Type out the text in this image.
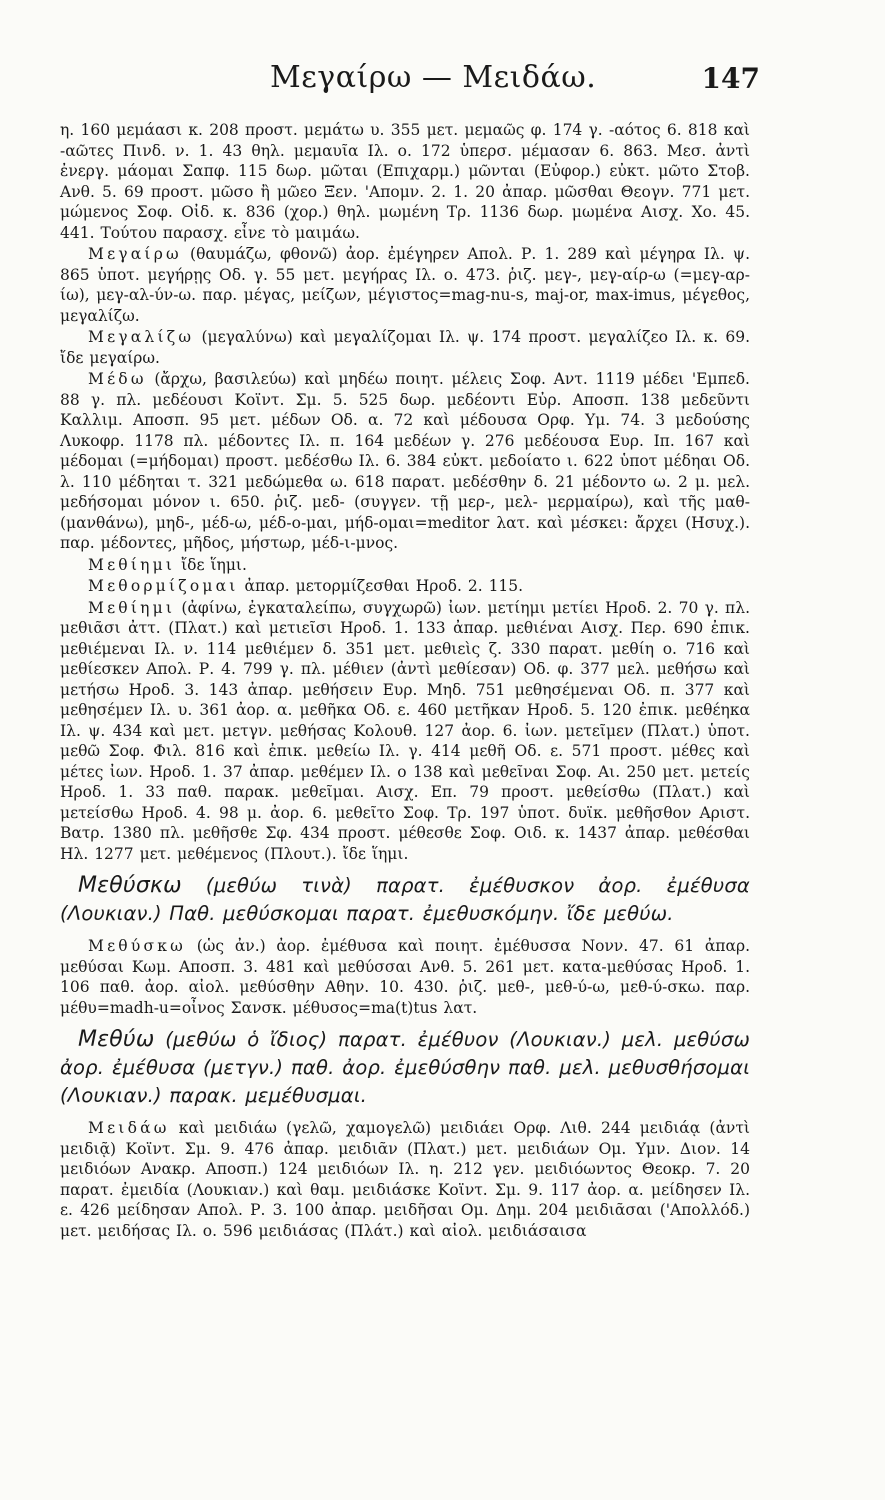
Μεγαίρω — Μειδάω.	147

η. 160 μεμάασι κ. 208 προστ. μεμάτω υ. 355 μετ. μεμαῶς φ. 174 γ. -αότος 6. 818 καὶ -αῶτες Πινδ. ν. 1. 43 θηλ. μεμαυῖα Ιλ. ο. 172 ὑπερσ. μέμασαν 6. 863. Μεσ. ἀντὶ ἐνεργ. μάομαι Σαπφ. 115 δωρ. μῶται (Επιχαρμ.) μῶνται (Εὐφορ.) εὐκτ. μῶτο Στοβ. Ανθ. 5. 69 προστ. μῶσο ἢ μῶεο Ξεν. 'Απομν. 2. 1. 20 ἀπαρ. μῶσθαι Θεογν. 771 μετ. μώμενος Σοφ. Οἰδ. κ. 836 (χορ.) θηλ. μωμένη Τρ. 1136 δωρ. μωμένα Αισχ. Χο. 45. 441. Τούτου παρασχ. εἶνε τὸ μαιμάω.

Μεγαίρω (θαυμάζω, φθονῶ) ἀορ. ἐμέγηρεν Απολ. Ρ. 1. 289 καὶ μέγηρα Ιλ. ψ. 865 ὑποτ. μεγήρῃς Οδ. γ. 55 μετ. μεγήρας Ιλ. ο. 473. ῥιζ. μεγ-, μεγ-αίρ-ω (=μεγ-αρ-ίω), μεγ-αλ-ύν-ω. παρ. μέγας, μείζων, μέγιστος=mag-nu-s, maj-or, max-imus, μέγεθος, μεγαλίζω.

Μεγαλίζω (μεγαλύνω) καὶ μεγαλίζομαι Ιλ. ψ. 174 προστ. μεγαλίζεο Ιλ. κ. 69. ἴδε μεγαίρω.

Μέδω (ἄρχω, βασιλεύω) καὶ μηδέω ποιητ. μέλεις Σοφ. Αντ. 1119 μέδει 'Εμπεδ. 88 γ. πλ. μεδέουσι Κοϊντ. Σμ. 5. 525 δωρ. μεδέοντι Εὐρ. Αποσπ. 138 μεδεῦντι Καλλιμ. Αποσπ. 95 μετ. μέδων Οδ. α. 72 καὶ μέδουσα Ορφ. Υμ. 74. 3 μεδούσης Λυκοφρ. 1178 πλ. μέδοντες Ιλ. π. 164 μεδέων γ. 276 μεδέουσα Ευρ. Ιπ. 167 καὶ μέδομαι (=μήδομαι) προστ. μεδέσθω Ιλ. 6. 384 εὐκτ. μεδοίατο ι. 622 ὑποτ μέδηαι Οδ. λ. 110 μέδηται τ. 321 μεδώμεθα ω. 618 παρατ. μεδέσθην δ. 21 μέδοντο ω. 2 μ. μελ. μεδήσομαι μόνον ι. 650. ῥιζ. μεδ- (συγγεν. τῇ μερ-, μελ- μερμαίρω), καὶ τῆς μαθ- (μανθάνω), μηδ-, μέδ-ω, μέδ-ο-μαι, μήδ-ομαι=meditor λατ. καὶ μέσκει: ἄρχει (Ησυχ.). παρ. μέδοντες, μῆδος, μήστωρ, μέδ-ι-μνος.

Μεθίημι ἴδε ἵημι.

Μεθορμίζομαι ἀπαρ. μετορμίζεσθαι Ηροδ. 2. 115.

Μεθίημι (ἀφίνω, ἐγκαταλείπω, συγχωρῶ) ἰων. μετίημι μετίει Ηροδ. 2. 70 γ. πλ. μεθιᾶσι ἀττ. (Πλατ.) καὶ μετιεῖσι Ηροδ. 1. 133 ἀπαρ. μεθιέναι Αισχ. Περ. 690 ἐπικ. μεθιέμεναι Ιλ. ν. 114 μεθιέμεν δ. 351 μετ. μεθιεὶς ζ. 330 παρατ. μεθίη ο. 716 καὶ μεθίεσκεν Απολ. Ρ. 4. 799 γ. πλ. μέθιεν (ἀντὶ μεθίεσαν) Οδ. φ. 377 μελ. μεθήσω καὶ μετήσω Ηροδ. 3. 143 ἀπαρ. μεθήσειν Ευρ. Μηδ. 751 μεθησέμεναι Οδ. π. 377 καὶ μεθησέμεν Ιλ. υ. 361 ἀορ. α. μεθῆκα Οδ. ε. 460 μετῆκαν Ηροδ. 5. 120 ἐπικ. μεθέηκα Ιλ. ψ. 434 καὶ μετ. μετγν. μεθήσας Κολουθ. 127 ἀορ. 6. ἰων. μετεῖμεν (Πλατ.) ὑποτ. μεθῶ Σοφ. Φιλ. 816 καὶ ἐπικ. μεθείω Ιλ. γ. 414 μεθῆ Οδ. ε. 571 προστ. μέθες καὶ μέτες ἰων. Ηροδ. 1. 37 ἀπαρ. μεθέμεν Ιλ. ο 138 καὶ μεθεῖναι Σοφ. Αι. 250 μετ. μετείς Ηροδ. 1. 33 παθ. παρακ. μεθεῖμαι. Αισχ. Επ. 79 προστ. μεθείσθω (Πλατ.) καὶ μετείσθω Ηροδ. 4. 98 μ. ἀορ. 6. μεθεῖτο Σοφ. Τρ. 197 ὑποτ. δυϊκ. μεθῆσθον Αριστ. Βατρ. 1380 πλ. μεθῆσθε Σφ. 434 προστ. μέθεσθε Σοφ. Οιδ. κ. 1437 ἀπαρ. μεθέσθαι Ηλ. 1277 μετ. μεθέμενος (Πλουτ.). ἴδε ἵημι.

Μεθύσκω (μεθύω τινὰ) παρατ. ἐμέθυσκον ἀορ. ἐμέθυσα (Λουκιαν.) Παθ. μεθύσκομαι παρατ. ἐμεθυσκόμην. ἴδε μεθύω.

Μεθύσκω (ὡς ἀν.) ἀορ. ἐμέθυσα καὶ ποιητ. ἐμέθυσσα Νονν. 47. 61 ἀπαρ. μεθύσαι Κωμ. Αποσπ. 3. 481 καὶ μεθύσσαι Ανθ. 5. 261 μετ. κατα-μεθύσας Ηροδ. 1. 106 παθ. ἀορ. αἰολ. μεθύσθην Αθην. 10. 430. ῥιζ. μεθ-, μεθ-ύ-ω, μεθ-ύ-σκω. παρ. μέθυ=madh-u=οἶνος Σανσκ. μέθυσος=ma(t)tus λατ.

Μεθύω (μεθύω ὁ ἴδιος) παρατ. ἐμέθυον (Λουκιαν.) μελ. μεθύσω ἀορ. ἐμέθυσα (μετγν.) παθ. ἀορ. ἐμεθύσθην παθ. μελ. μεθυσθήσομαι (Λουκιαν.) παρακ. μεμέθυσμαι.

Μειδάω καὶ μειδιάω (γελῶ, χαμογελῶ) μειδιάει Ορφ. Λιθ. 244 μειδιάᾳ (ἀντὶ μειδιᾷ) Κοϊντ. Σμ. 9. 476 ἀπαρ. μειδιᾶν (Πλατ.) μετ. μειδιάων Ομ. Υμν. Διον. 14 μειδιόων Ανακρ. Αποσπ.) 124 μειδιόων Ιλ. η. 212 γεν. μειδιόωντος Θεοκρ. 7. 20 παρατ. ἐμειδία (Λουκιαν.) καὶ θαμ. μειδιάσκε Κοϊντ. Σμ. 9. 117 ἀορ. α. μείδησεν Ιλ. ε. 426 μείδησαν Απολ. Ρ. 3. 100 ἀπαρ. μειδῆσαι Ομ. Δημ. 204 μειδιᾶσαι ('Απολλόδ.) μετ. μειδήσας Ιλ. ο. 596 μειδιάσας (Πλάτ.) καὶ αἰολ. μειδιάσαισα
